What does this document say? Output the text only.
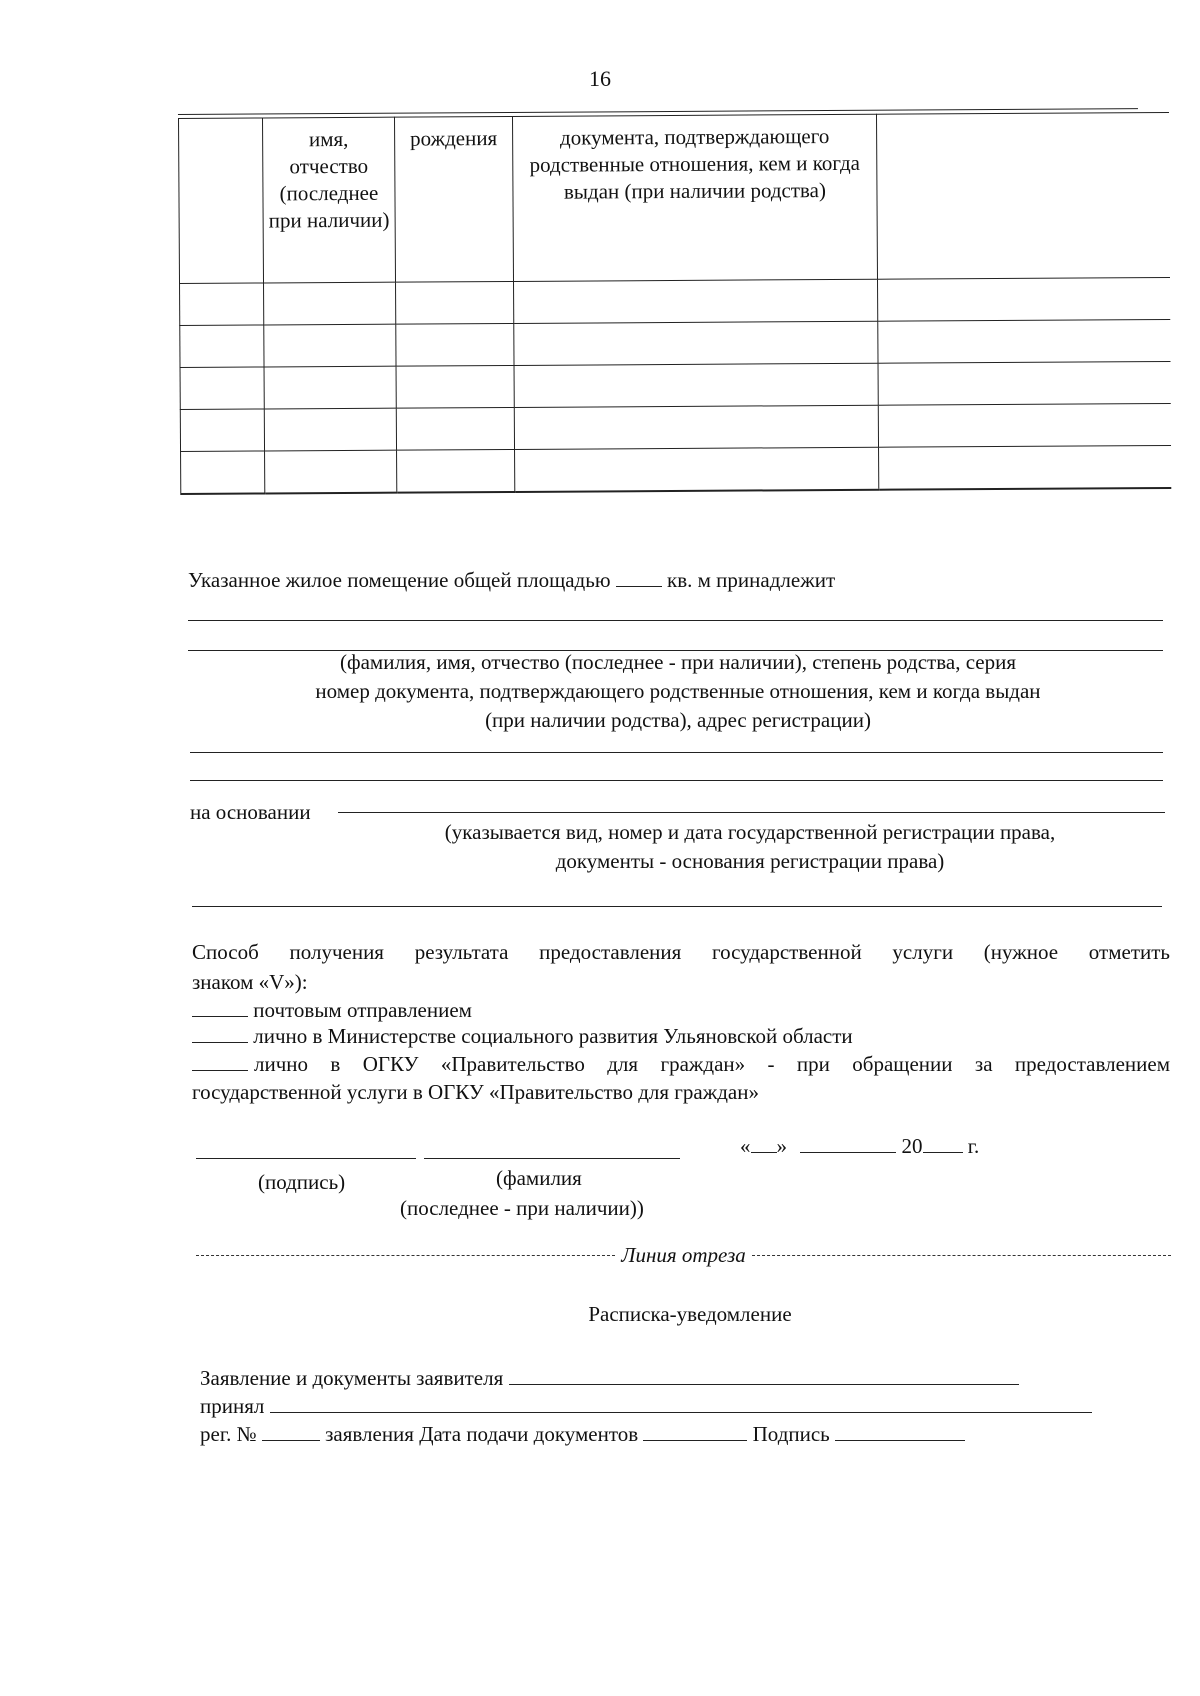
16
	имя, отчество (последнее при наличии)	рождения	документа, подтверждающего родственные отношения, кем и когда выдан (при наличии родства)	

Указанное жилое помещение общей площадью	кв. м принадлежит
(фамилия, имя, отчество (последнее - при наличии), степень родства, серия
номер документа, подтверждающего родственные отношения, кем и когда выдан
(при наличии родства), адрес регистрации)
на основании
(указывается вид, номер и дата государственной регистрации права,
документы - основания регистрации права)
Способ получения результата предоставления государственной услуги (нужное отметить
знаком «V»):
почтовым отправлением
лично в Министерстве социального развития Ульяновской области
лично в ОГКУ «Правительство для граждан» - при обращении за предоставлением
государственной услуги в ОГКУ «Правительство для граждан»
« »	20 г.
(подпись)	(фамилия
(последнее - при наличии))
Линия отреза
Расписка-уведомление
Заявление и документы заявителя
принял
рег. №	заявления Дата подачи документов	Подпись
